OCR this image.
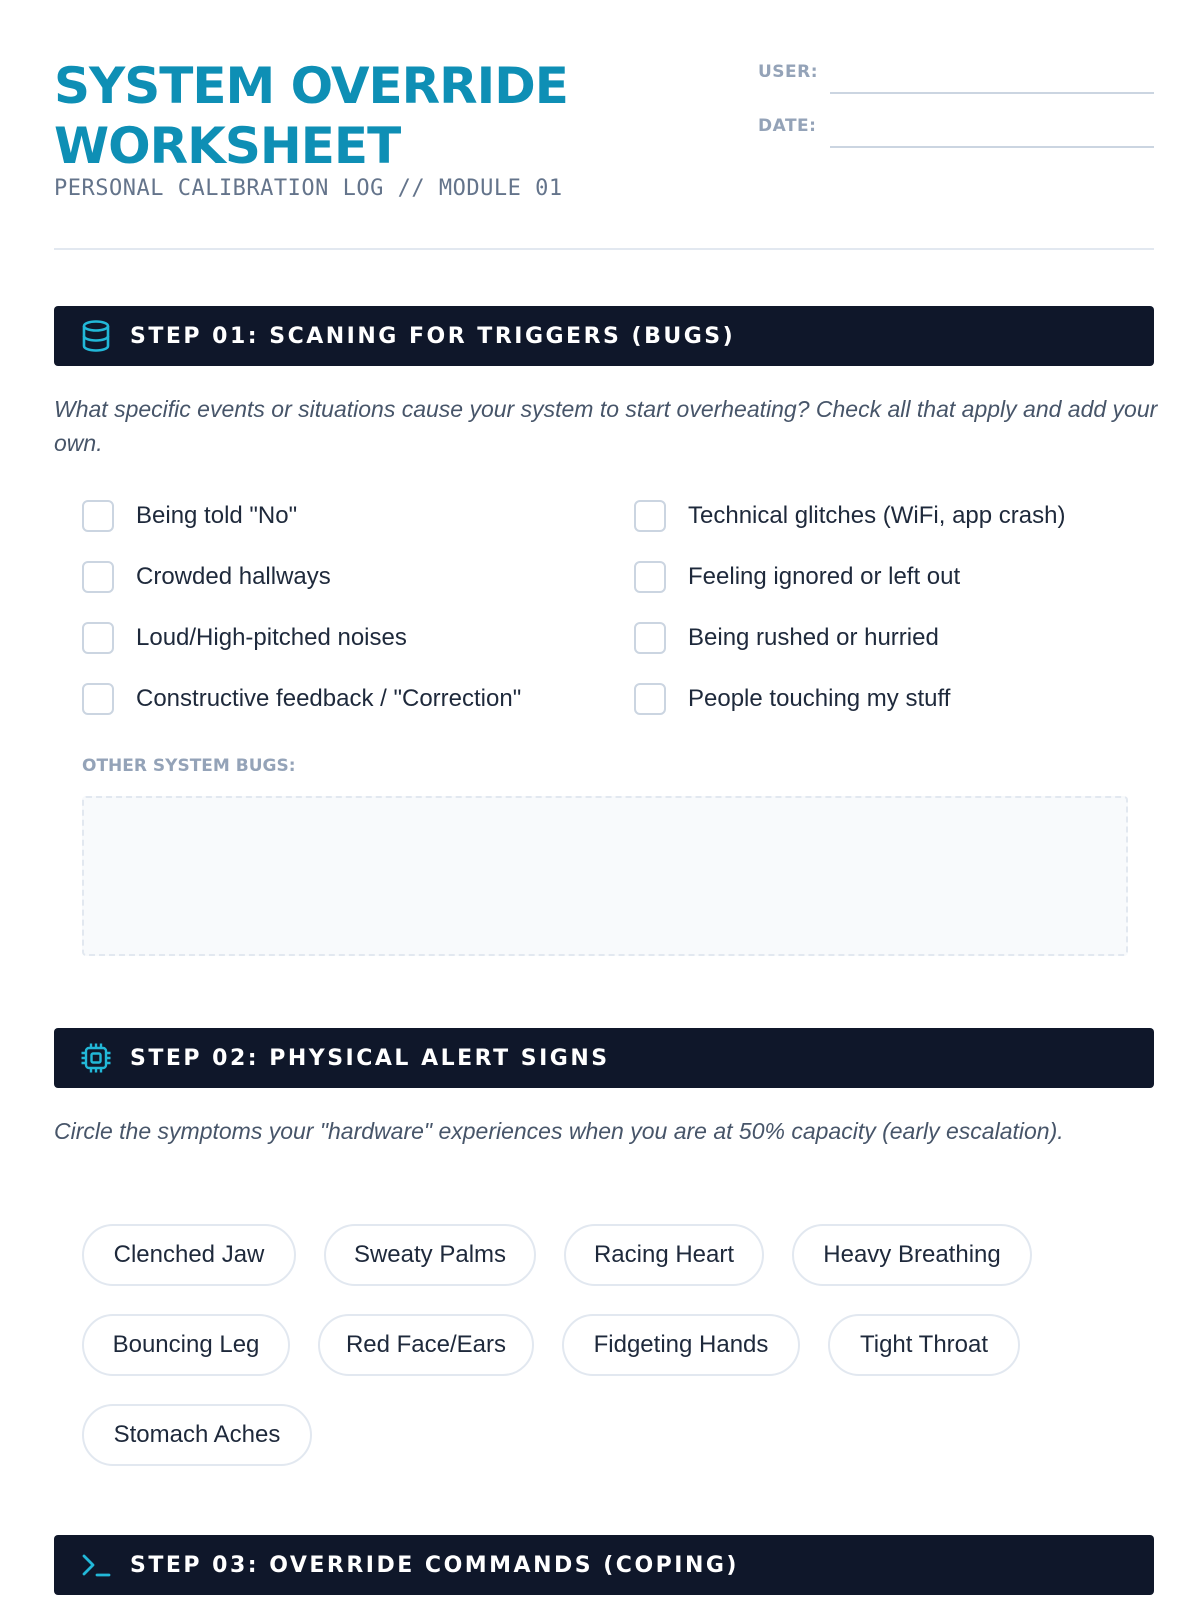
SYSTEM OVERRIDE WORKSHEET
PERSONAL CALIBRATION LOG // MODULE 01
USER:
DATE:
STEP 01: SCANING FOR TRIGGERS (BUGS)
What specific events or situations cause your system to start overheating? Check all that apply and add your own.
Being told "No"	Technical glitches (WiFi, app crash)
Crowded hallways	Feeling ignored or left out
Loud/High-pitched noises	Being rushed or hurried
Constructive feedback / "Correction"	People touching my stuff
OTHER SYSTEM BUGS:
STEP 02: PHYSICAL ALERT SIGNS
Circle the symptoms your "hardware" experiences when you are at 50% capacity (early escalation).
Clenched Jaw	Sweaty Palms	Racing Heart	Heavy Breathing
Bouncing Leg	Red Face/Ears	Fidgeting Hands	Tight Throat
Stomach Aches
STEP 03: OVERRIDE COMMANDS (COPING)
